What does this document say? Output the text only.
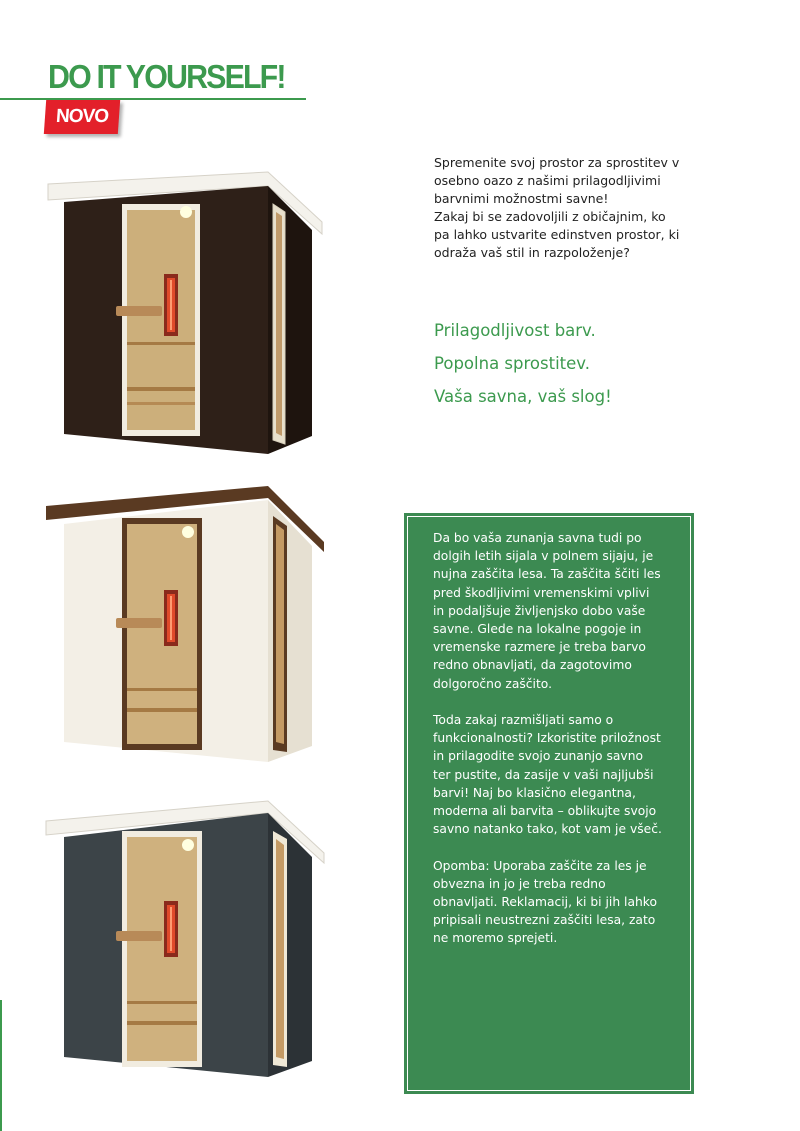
DO IT YOURSELF!
NOVO

Spremenite svoj prostor za sprostitev v osebno oazo z našimi prilagodljivimi barvnimi možnostmi savne!

Zakaj bi se zadovoljili z običajnim, ko pa lahko ustvarite edinstven prostor, ki odraža vaš stil in razpoloženje?

Prilagodljivost barv.
Popolna sprostitev.
Vaša savna, vaš slog!

Da bo vaša zunanja savna tudi po dolgih letih sijala v polnem sijaju, je nujna zaščita lesa. Ta zaščita ščiti les pred škodljivimi vremenskimi vplivi in podaljšuje življenjsko dobo vaše savne. Glede na lokalne pogoje in vremenske razmere je treba barvo redno obnavljati, da zagotovimo dolgoročno zaščito.

Toda zakaj razmišljati samo o funkcionalnosti? Izkoristite priložnost in prilagodite svojo zunanjo savno ter pustite, da zasije v vaši najljubši barvi! Naj bo klasično elegantna, moderna ali barvita – oblikujte svojo savno natanko tako, kot vam je všeč.

Opomba: Uporaba zaščite za les je obvezna in jo je treba redno obnavljati. Reklamacij, ki bi jih lahko pripisali neustrezni zaščiti lesa, zato ne moremo sprejeti.
